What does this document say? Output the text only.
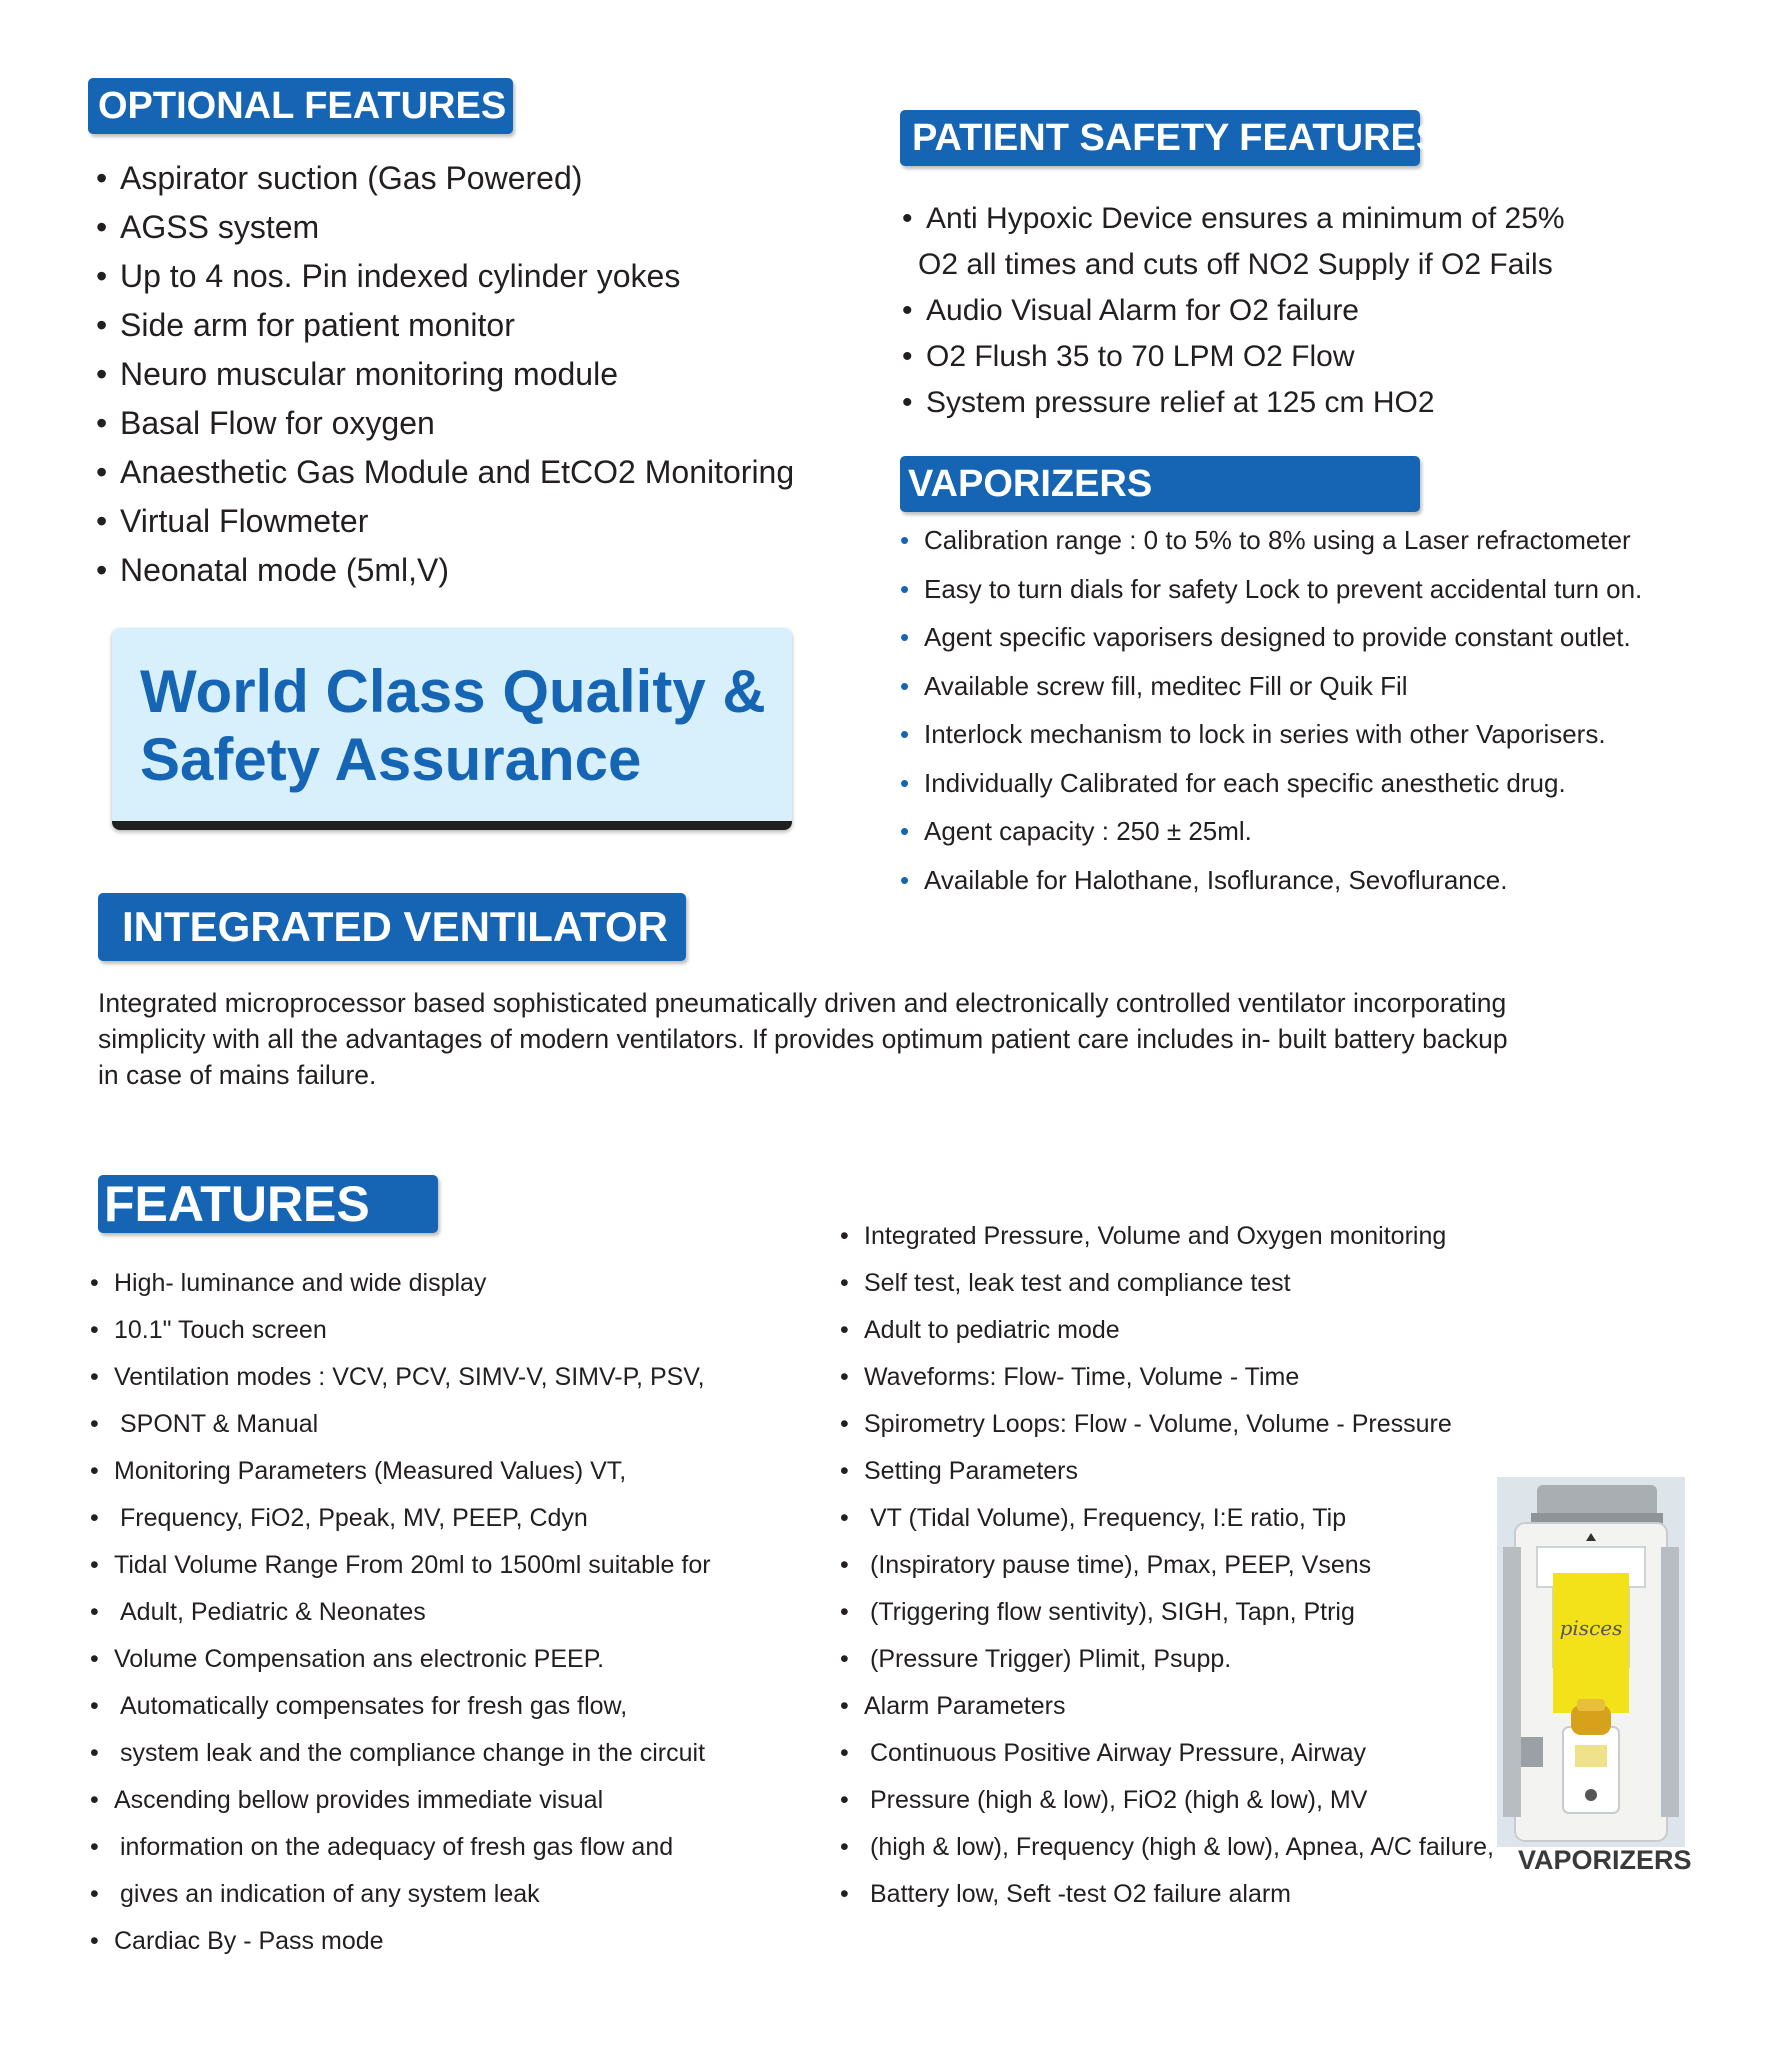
OPTIONAL FEATURES
• Aspirator suction (Gas Powered)
• AGSS system
• Up to 4 nos. Pin indexed cylinder yokes
• Side arm for patient monitor
• Neuro muscular monitoring module
• Basal Flow for oxygen
• Anaesthetic Gas Module and EtCO2 Monitoring
• Virtual Flowmeter
• Neonatal mode (5ml,V)
PATIENT SAFETY FEATURES
• Anti Hypoxic Device ensures a minimum of 25%
O2 all times and cuts off NO2 Supply if O2 Fails
• Audio Visual Alarm for O2 failure
• O2 Flush 35 to 70 LPM O2 Flow
• System pressure relief at 125 cm HO2
VAPORIZERS
• Calibration range : 0 to 5% to 8% using a Laser refractometer
• Easy to turn dials for safety Lock to prevent accidental turn on.
• Agent specific vaporisers designed to provide constant outlet.
• Available screw fill, meditec Fill or Quik Fil
• Interlock mechanism to lock in series with other Vaporisers.
• Individually Calibrated for each specific anesthetic drug.
• Agent capacity : 250 ± 25ml.
• Available for Halothane, Isoflurance, Sevoflurance.
World Class Quality &
Safety Assurance
INTEGRATED VENTILATOR
Integrated microprocessor based sophisticated pneumatically driven and electronically controlled ventilator incorporating
simplicity with all the advantages of modern ventilators. If provides optimum patient care includes in- built battery backup
in case of mains failure.
FEATURES
• High- luminance and wide display
• 10.1" Touch screen
• Ventilation modes : VCV, PCV, SIMV-V, SIMV-P, PSV,
• SPONT & Manual
• Monitoring Parameters (Measured Values) VT,
• Frequency, FiO2, Ppeak, MV, PEEP, Cdyn
• Tidal Volume Range From 20ml to 1500ml suitable for
• Adult, Pediatric & Neonates
• Volume Compensation ans electronic PEEP.
• Automatically compensates for fresh gas flow,
• system leak and the compliance change in the circuit
• Ascending bellow provides immediate visual
• information on the adequacy of fresh gas flow and
• gives an indication of any system leak
• Cardiac By - Pass mode
• Integrated Pressure, Volume and Oxygen monitoring
• Self test, leak test and compliance test
• Adult to pediatric mode
• Waveforms: Flow- Time, Volume - Time
• Spirometry Loops: Flow - Volume, Volume - Pressure
• Setting Parameters
• VT (Tidal Volume), Frequency, I:E ratio, Tip
• (Inspiratory pause time), Pmax, PEEP, Vsens
• (Triggering flow sentivity), SIGH, Tapn, Ptrig
• (Pressure Trigger) Plimit, Psupp.
• Alarm Parameters
• Continuous Positive Airway Pressure, Airway
• Pressure (high & low), FiO2 (high & low), MV
• (high & low), Frequency (high & low), Apnea, A/C failure,
• Battery low, Seft -test O2 failure alarm
pisces
VAPORIZERS
